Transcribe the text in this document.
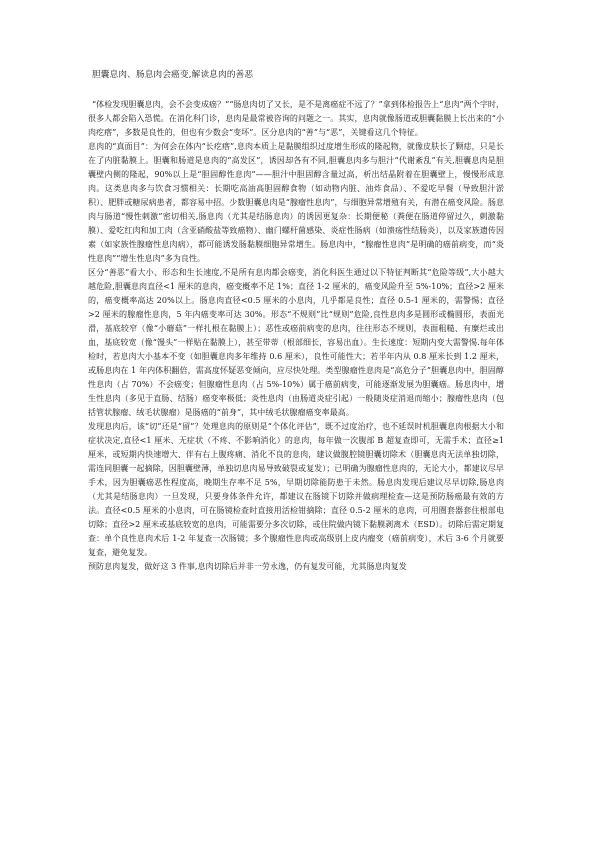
胆囊息肉、肠息肉会癌变,解读息肉的善恶

“体检发现胆囊息肉，会不会变成癌？”“肠息肉切了又长，是不是离癌症不远了？”拿到体检报告上“息肉”两个字时，很多人都会陷入恐慌。在消化科门诊，息肉是最常被咨询的问题之一。其实，息肉就像肠道或胆囊黏膜上长出来的“小肉疙瘩”，多数是良性的，但也有少数会“变坏”。区分息肉的“善”与“恶”，关键看这几个特征。

息肉的“真面目”：为何会在体内“长疙瘩”,息肉本质上是黏膜组织过度增生形成的隆起物，就像皮肤长了颗痣，只是长在了内脏黏膜上。胆囊和肠道是息肉的“高发区”，诱因却各有不同,胆囊息肉多与胆汁“代谢紊乱”有关,胆囊息肉是胆囊壁内侧的隆起，90%以上是“胆固醇性息肉”——胆汁中胆固醇含量过高，析出结晶附着在胆囊壁上，慢慢形成息肉。这类息肉多与饮食习惯相关：长期吃高油高胆固醇食物（如动物内脏、油炸食品）、不爱吃早餐（导致胆汁淤积）、肥胖或糖尿病患者，都容易中招。少数胆囊息肉是“腺瘤性息肉”，与细胞异常增殖有关，有潜在癌变风险。肠息肉与肠道“慢性刺激”密切相关,肠息肉（尤其是结肠息肉）的诱因更复杂：长期便秘（粪便在肠道停留过久，刺激黏膜）、爱吃红肉和加工肉（含亚硝酸盐等致癌物）、幽门螺杆菌感染、炎症性肠病（如溃疡性结肠炎），以及家族遗传因素（如家族性腺瘤性息肉病），都可能诱发肠黏膜细胞异常增生。肠息肉中，“腺瘤性息肉”是明确的癌前病变，而“炎性息肉”“增生性息肉”多为良性。

区分“善恶”看大小、形态和生长速度,不是所有息肉都会癌变，消化科医生通过以下特征判断其“危险等级”,大小越大越危险,胆囊息肉直径<1 厘米的息肉，癌变概率不足 1%；直径 1-2 厘米的，癌变风险升至 5%-10%；直径>2 厘米的，癌变概率高达 20%以上。肠息肉直径<0.5 厘米的小息肉，几乎都是良性；直径 0.5-1 厘米的，需警惕；直径>2 厘米的腺瘤性息肉，5 年内癌变率可达 30%。形态“不规则”比“规则”危险,良性息肉多是圆形或椭圆形，表面光滑，基底较窄（像“小蘑菇”一样扎根在黏膜上）；恶性或癌前病变的息肉，往往形态不规则，表面粗糙、有糜烂或出血，基底较宽（像“馒头”一样贴在黏膜上），甚至带蒂（根部细长，容易出血）。生长速度：短期内变大需警惕.每年体检时，若息肉大小基本不变（如胆囊息肉多年维持 0.6 厘米），良性可能性大；若半年内从 0.8 厘米长到 1.2 厘米，或肠息肉在 1 年内体积翻倍，需高度怀疑恶变倾向，应尽快处理。类型腺瘤性息肉是“高危分子”胆囊息肉中，胆固醇性息肉（占 70%）不会癌变；但腺瘤性息肉（占 5%-10%）属于癌前病变，可能逐渐发展为胆囊癌。肠息肉中，增生性息肉（多见于直肠、结肠）癌变率极低；炎性息肉（由肠道炎症引起）一般随炎症消退而缩小；腺瘤性息肉（包括管状腺瘤、绒毛状腺瘤）是肠癌的“前身”，其中绒毛状腺瘤癌变率最高。

发现息肉后，该“切”还是“留”？处理息肉的原则是“个体化评估”，既不过度治疗，也不延误时机胆囊息肉根据大小和症状决定,直径<1 厘米、无症状（不疼、不影响消化）的息肉，每年做一次腹部 B 超复查即可，无需手术；直径≥1 厘米，或短期内快速增大、伴有右上腹疼痛、消化不良的息肉，建议做腹腔镜胆囊切除术（胆囊息肉无法单独切除，需连同胆囊一起摘除，因胆囊壁薄，单独切息肉易导致破裂或复发）；已明确为腺瘤性息肉的，无论大小，都建议尽早手术，因为胆囊癌恶性程度高，晚期生存率不足 5%，早期切除能防患于未然。肠息肉发现后建议尽早切除,肠息肉（尤其是结肠息肉）一旦发现，只要身体条件允许，都建议在肠镜下切除并做病理检查—这是预防肠癌最有效的方法。直径<0.5 厘米的小息肉，可在肠镜检查时直接用活检钳摘除；直径 0.5-2 厘米的息肉，可用圈套器套住根部电切除；直径>2 厘米或基底较宽的息肉，可能需要分多次切除，或住院做内镜下黏膜剥离术（ESD）。切除后需定期复查：单个良性息肉术后 1-2 年复查一次肠镜；多个腺瘤性息肉或高级别上皮内瘤变（癌前病变），术后 3-6 个月就要复查，避免复发。

预防息肉复发，做好这 3 件事,息肉切除后并非一劳永逸，仍有复发可能，尤其肠息肉复发
